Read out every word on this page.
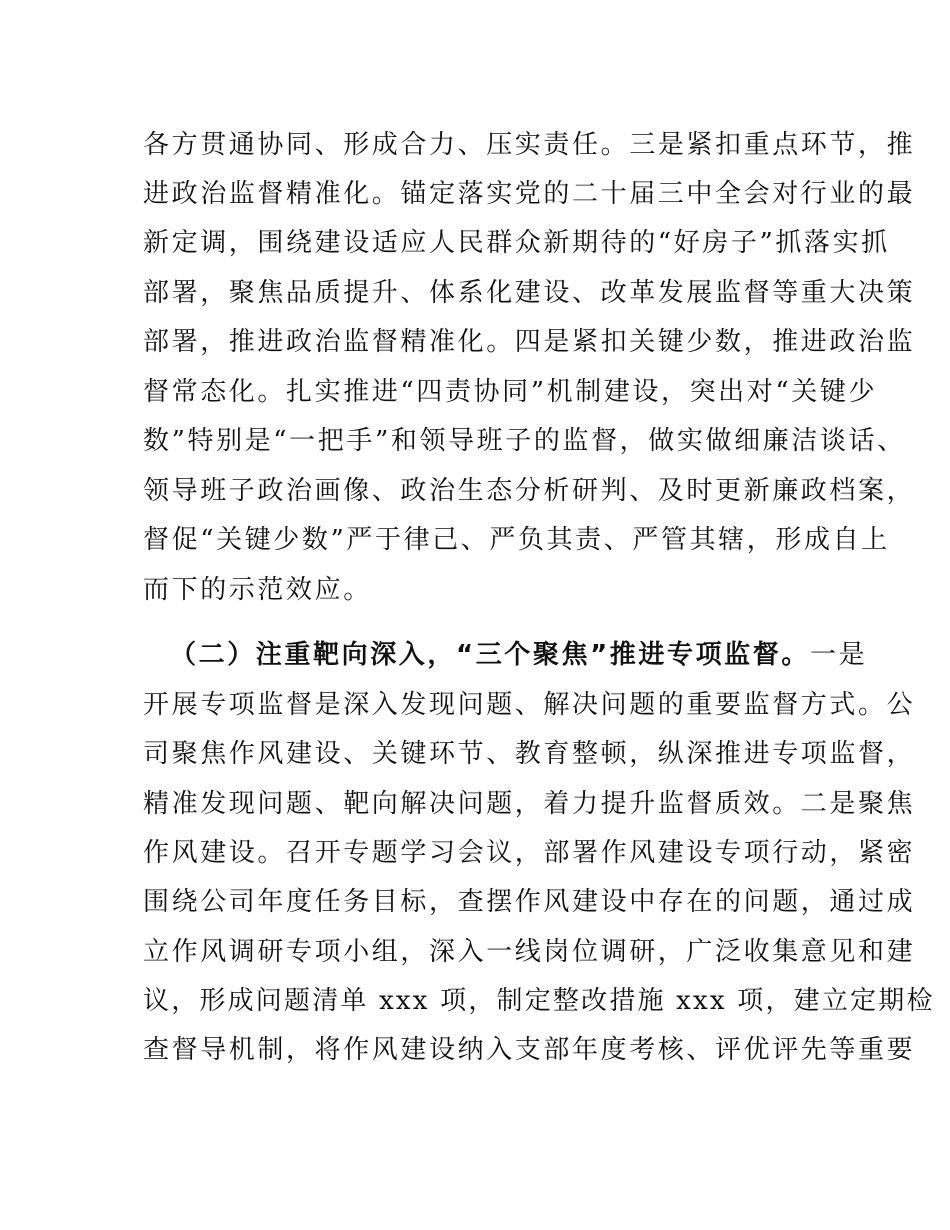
各方贯通协同、形成合力、压实责任。三是紧扣重点环节，推
进政治监督精准化。锚定落实党的二十届三中全会对行业的最
新定调，围绕建设适应人民群众新期待的“好房子”抓落实抓
部署，聚焦品质提升、体系化建设、改革发展监督等重大决策
部署，推进政治监督精准化。四是紧扣关键少数，推进政治监
督常态化。扎实推进“四责协同”机制建设，突出对“关键少
数”特别是“一把手”和领导班子的监督，做实做细廉洁谈话、
领导班子政治画像、政治生态分析研判、及时更新廉政档案，
督促“关键少数”严于律己、严负其责、严管其辖，形成自上
而下的示范效应。
（二）注重靶向深入，“三个聚焦”推进专项监督。一是
开展专项监督是深入发现问题、解决问题的重要监督方式。公
司聚焦作风建设、关键环节、教育整顿，纵深推进专项监督，
精准发现问题、靶向解决问题，着力提升监督质效。二是聚焦
作风建设。召开专题学习会议，部署作风建设专项行动，紧密
围绕公司年度任务目标，查摆作风建设中存在的问题，通过成
立作风调研专项小组，深入一线岗位调研，广泛收集意见和建
议，形成问题清单 xxx 项，制定整改措施 xxx 项，建立定期检
查督导机制，将作风建设纳入支部年度考核、评优评先等重要
